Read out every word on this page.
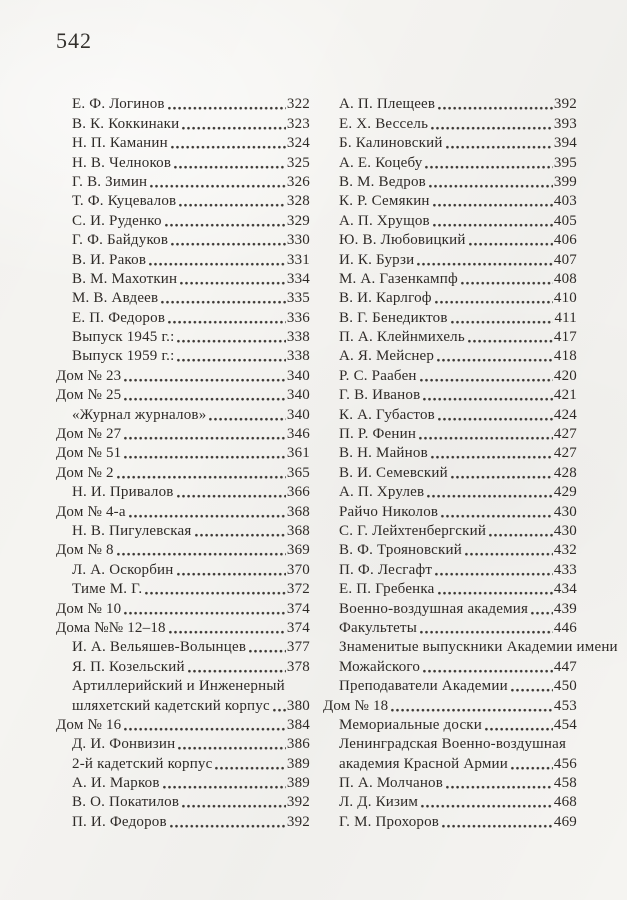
542
Е. Ф. Логинов	322
В. К. Коккинаки	323
Н. П. Каманин	324
Н. В. Челноков	325
Г. В. Зимин	326
Т. Ф. Куцевалов	328
С. И. Руденко	329
Г. Ф. Байдуков	330
В. И. Раков	331
В. М. Махоткин	334
М. В. Авдеев	335
Е. П. Федоров	336
Выпуск 1945 г.:	338
Выпуск 1959 г.:	338
Дом № 23	340
Дом № 25	340
«Журнал журналов»	340
Дом № 27	346
Дом № 51	361
Дом № 2	365
Н. И. Привалов	366
Дом № 4-а	368
Н. В. Пигулевская	368
Дом № 8	369
Л. А. Оскорбин	370
Тиме М. Г.	372
Дом № 10	374
Дома №№ 12–18	374
И. А. Вельяшев-Волынцев	377
Я. П. Козельский	378
Артиллерийский и Инженерный
шляхетский кадетский корпус 380
Дом № 16	384
Д. И. Фонвизин	386
2-й кадетский корпус	389
А. И. Марков	389
В. О. Покатилов	392
П. И. Федоров	392
А. П. Плещеев	392
Е. Х. Вессель	393
Б. Калиновский	394
А. Е. Коцебу	395
В. М. Ведров	399
К. Р. Семякин	403
А. П. Хрущов	405
Ю. В. Любовицкий	406
И. К. Бурзи	407
М. А. Газенкампф	408
В. И. Карлгоф	410
В. Г. Бенедиктов	411
П. А. Клейнмихель	417
А. Я. Мейснер	418
Р. С. Раабен	420
Г. В. Иванов	421
К. А. Губастов	424
П. Р. Фенин	427
В. Н. Майнов	427
В. И. Семевский	428
А. П. Хрулев	429
Райчо Николов	430
С. Г. Лейхтенбергский	430
В. Ф. Трояновский	432
П. Ф. Лесгафт	433
Е. П. Гребенка	434
Военно-воздушная академия 439
Факультеты	446
Знаменитые выпускники Академии имени
Можайского	447
Преподаватели Академии	450
Дом № 18	453
Мемориальные доски	454
Ленинградская Военно-воздушная
академия Красной Армии	456
П. А. Молчанов	458
Л. Д. Кизим	468
Г. М. Прохоров	469
